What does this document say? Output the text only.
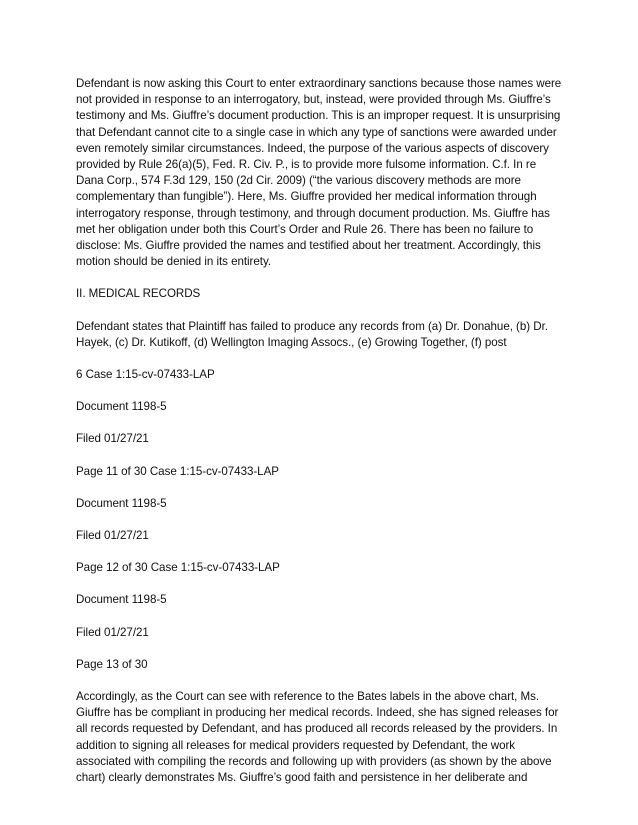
Defendant is now asking this Court to enter extraordinary sanctions because those names were not provided in response to an interrogatory, but, instead, were provided through Ms. Giuffre’s testimony and Ms. Giuffre’s document production. This is an improper request. It is unsurprising that Defendant cannot cite to a single case in which any type of sanctions were awarded under even remotely similar circumstances. Indeed, the purpose of the various aspects of discovery provided by Rule 26(a)(5), Fed. R. Civ. P., is to provide more fulsome information. C.f. In re Dana Corp., 574 F.3d 129, 150 (2d Cir. 2009) (“the various discovery methods are more complementary than fungible”). Here, Ms. Giuffre provided her medical information through interrogatory response, through testimony, and through document production. Ms. Giuffre has met her obligation under both this Court’s Order and Rule 26. There has been no failure to disclose: Ms. Giuffre provided the names and testified about her treatment. Accordingly, this motion should be denied in its entirety.

II. MEDICAL RECORDS

Defendant states that Plaintiff has failed to produce any records from (a) Dr. Donahue, (b) Dr. Hayek, (c) Dr. Kutikoff, (d) Wellington Imaging Assocs., (e) Growing Together, (f) post

6 Case 1:15-cv-07433-LAP

Document 1198-5

Filed 01/27/21

Page 11 of 30 Case 1:15-cv-07433-LAP

Document 1198-5

Filed 01/27/21

Page 12 of 30 Case 1:15-cv-07433-LAP

Document 1198-5

Filed 01/27/21

Page 13 of 30

Accordingly, as the Court can see with reference to the Bates labels in the above chart, Ms. Giuffre has be compliant in producing her medical records. Indeed, she has signed releases for all records requested by Defendant, and has produced all records released by the providers. In addition to signing all releases for medical providers requested by Defendant, the work associated with compiling the records and following up with providers (as shown by the above chart) clearly demonstrates Ms. Giuffre’s good faith and persistence in her deliberate and
